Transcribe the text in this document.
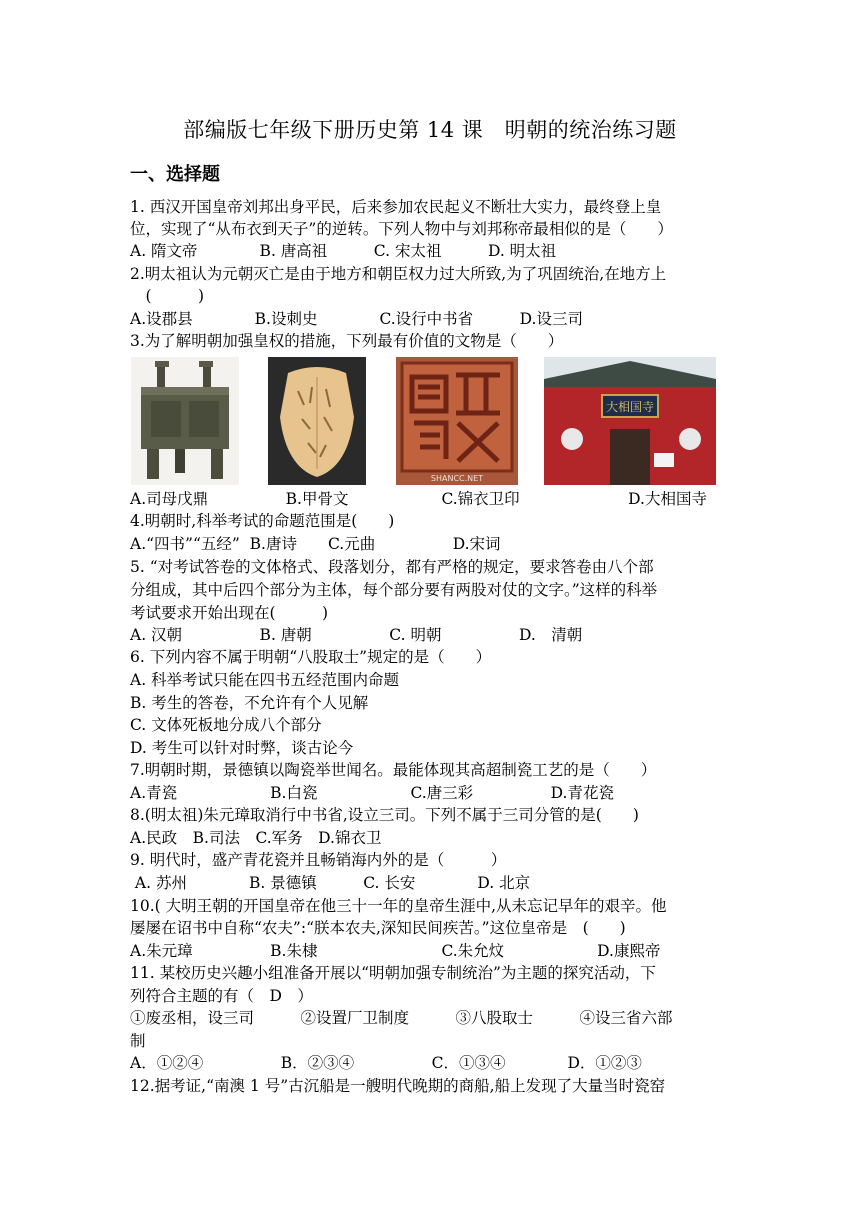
部编版七年级下册历史第 14 课　明朝的统治练习题
一、选择题
1. 西汉开国皇帝刘邦出身平民，后来参加农民起义不断壮大实力，最终登上皇
位，实现了“从布衣到天子”的逆转。下列人物中与刘邦称帝最相似的是（　　）
A. 隋文帝　　　　B. 唐高祖　　　C. 宋太祖　　　D. 明太祖
2.明太祖认为元朝灭亡是由于地方和朝臣权力过大所致,为了巩固统治,在地方上
　(　　　)
A.设郡县　　　　B.设刺史　　　　C.设行中书省　　　D.设三司
3.为了解明朝加强皇权的措施，下列最有价值的文物是（　　）
SHANCC.NET
大相国寺
A.司母戊鼎　　　　　B.甲骨文　　　　　　C.锦衣卫印　　　　　　　D.大相国寺
4.明朝时,科举考试的命题范围是(　　)
A.“四书”“五经”  B.唐诗　　C.元曲　　　　　D.宋词
5. “对考试答卷的文体格式、段落划分，都有严格的规定，要求答卷由八个部
分组成，其中后四个部分为主体，每个部分要有两股对仗的文字。”这样的科举
考试要求开始出现在(　　　)
A. 汉朝　　　　　B. 唐朝　　　　　C. 明朝　　　　　D.　清朝
6. 下列内容不属于明朝“八股取士”规定的是（　　）
A. 科举考试只能在四书五经范围内命题
B. 考生的答卷，不允许有个人见解
C. 文体死板地分成八个部分
D. 考生可以针对时弊，谈古论今
7.明朝时期，景德镇以陶瓷举世闻名。最能体现其高超制瓷工艺的是（　　）
A.青瓷　　　　　　B.白瓷　　　　　　C.唐三彩　　　　　D.青花瓷
8.(明太祖)朱元璋取消行中书省,设立三司。下列不属于三司分管的是(　　)
A.民政　B.司法　C.军务　D.锦衣卫
9. 明代时，盛产青花瓷并且畅销海内外的是（　　　）
A. 苏州　　　　B. 景德镇　　　C. 长安　　　　D. 北京
10.( 大明王朝的开国皇帝在他三十一年的皇帝生涯中,从未忘记早年的艰辛。他
屡屡在诏书中自称“农夫”:“朕本农夫,深知民间疾苦。”这位皇帝是　(　　)
A.朱元璋　　　　　B.朱棣　　　　　　　　C.朱允炆　　　　　　D.康熙帝
11. 某校历史兴趣小组准备开展以“明朝加强专制统治”为主题的探究活动，下
列符合主题的有（　D　）
①废丞相，设三司　　　②设置厂卫制度　　　③八股取士　　　④设三省六部
制
A．①②④　　　　　B．②③④　　　　　C．①③④　　　　D．①②③
12.据考证,“南澳 1 号”古沉船是一艘明代晚期的商船,船上发现了大量当时瓷窑
